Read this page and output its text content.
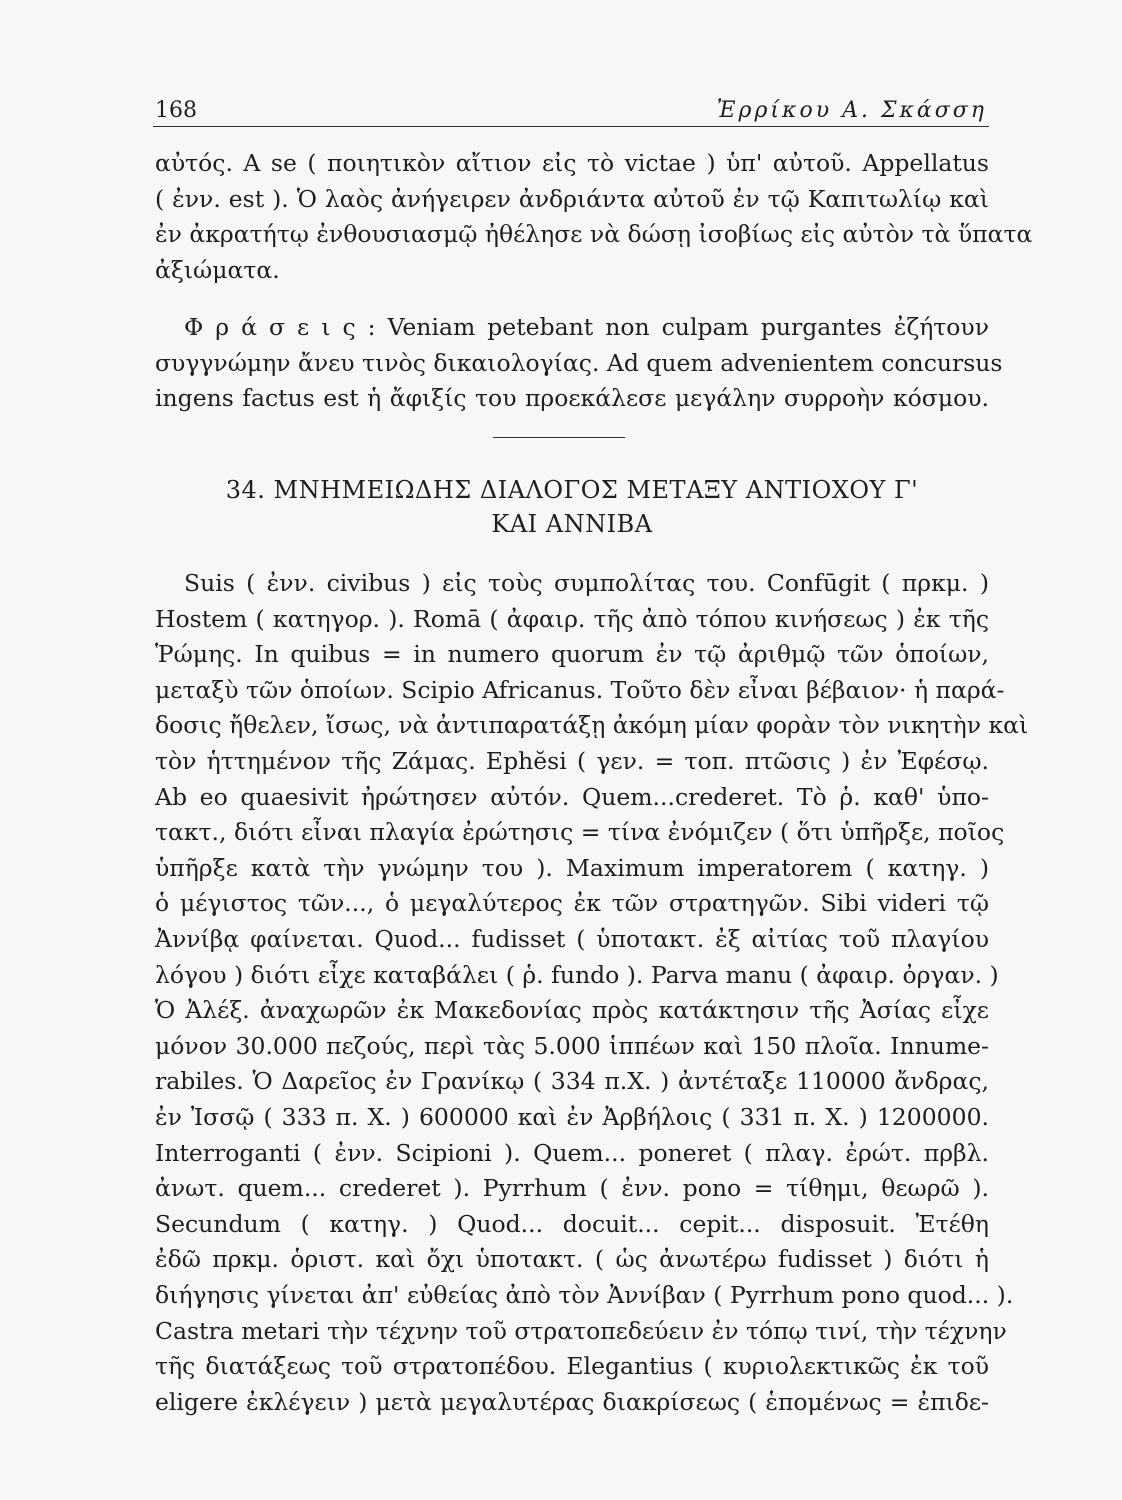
168	Ἐρρίκου Α. Σκάσση
αὐτός. A se ( ποιητικὸν αἴτιον εἰς τὸ victae ) ὑπ' αὐτοῦ. Appellatus
( ἐνν. est ). Ὁ λαὸς ἀνήγειρεν ἀνδριάντα αὐτοῦ ἐν τῷ Καπιτωλίῳ καὶ
ἐν ἀκρατήτῳ ἐνθουσιασμῷ ἠθέλησε νὰ δώσῃ ἰσοβίως εἰς αὐτὸν τὰ ὕπατα
ἀξιώματα.
Φ ρ ά σ ε ι ς : Veniam petebant non culpam purgantes ἐζήτουν
συγγνώμην ἄνευ τινὸς δικαιολογίας. Ad quem advenientem concursus
ingens factus est ἡ ἄφιξίς του προεκάλεσε μεγάλην συρροὴν κόσμου.
34. ΜΝΗΜΕΙΩΔΗΣ ΔΙΑΛΟΓΟΣ ΜΕΤΑΞΥ ΑΝΤΙΟΧΟΥ Γ'
ΚΑΙ ΑΝΝΙΒΑ
Suis ( ἐνν. civibus ) εἰς τοὺς συμπολίτας του. Confūgit ( πρκμ. )
Hostem ( κατηγορ. ). Romā ( ἀφαιρ. τῆς ἀπὸ τόπου κινήσεως ) ἐκ τῆς
Ῥώμης. In quibus = in numero quorum ἐν τῷ ἀριθμῷ τῶν ὁποίων,
μεταξὺ τῶν ὁποίων. Scipio Africanus. Τοῦτο δὲν εἶναι βέβαιον· ἡ παρά-
δοσις ἤθελεν, ἴσως, νὰ ἀντιπαρατάξῃ ἀκόμη μίαν φορὰν τὸν νικητὴν καὶ
τὸν ἡττημένον τῆς Ζάμας. Ephĕsi ( γεν. = τοπ. πτῶσις ) ἐν Ἐφέσῳ.
Ab eo quaesivit ἠρώτησεν αὐτόν. Quem...crederet. Τὸ ῥ. καθ' ὑπο-
τακτ., διότι εἶναι πλαγία ἐρώτησις = τίνα ἐνόμιζεν ( ὅτι ὑπῆρξε, ποῖος
ὑπῆρξε κατὰ τὴν γνώμην του ). Maximum imperatorem ( κατηγ. )
ὁ μέγιστος τῶν..., ὁ μεγαλύτερος ἐκ τῶν στρατηγῶν. Sibi videri τῷ
Ἀννίβᾳ φαίνεται. Quod... fudisset ( ὑποτακτ. ἐξ αἰτίας τοῦ πλαγίου
λόγου ) διότι εἶχε καταβάλει ( ῥ. fundo ). Parva manu ( ἀφαιρ. ὀργαν. )
Ὁ Ἀλέξ. ἀναχωρῶν ἐκ Μακεδονίας πρὸς κατάκτησιν τῆς Ἀσίας εἶχε
μόνον 30.000 πεζούς, περὶ τὰς 5.000 ἱππέων καὶ 150 πλοῖα. Innume-
rabiles. Ὁ Δαρεῖος ἐν Γρανίκῳ ( 334 π.Χ. ) ἀντέταξε 110000 ἄνδρας,
ἐν Ἰσσῷ ( 333 π. Χ. ) 600000 καὶ ἐν Ἀρβήλοις ( 331 π. Χ. ) 1200000.
Interroganti ( ἐνν. Scipioni ). Quem... poneret ( πλαγ. ἐρώτ. πρβλ.
ἀνωτ. quem... crederet ). Pyrrhum ( ἐνν. pono = τίθημι, θεωρῶ ).
Secundum ( κατηγ. ) Quod... docuit... cepit... disposuit. Ἐτέθη
ἐδῶ πρκμ. ὁριστ. καὶ ὄχι ὑποτακτ. ( ὡς ἀνωτέρω fudisset ) διότι ἡ
διήγησις γίνεται ἀπ' εὐθείας ἀπὸ τὸν Ἀννίβαν ( Pyrrhum pono quod... ).
Castra metari τὴν τέχνην τοῦ στρατοπεδεύειν ἐν τόπῳ τινί, τὴν τέχνην
τῆς διατάξεως τοῦ στρατοπέδου. Elegantius ( κυριολεκτικῶς ἐκ τοῦ
eligere ἐκλέγειν ) μετὰ μεγαλυτέρας διακρίσεως ( ἑπομένως = ἐπιδε-
